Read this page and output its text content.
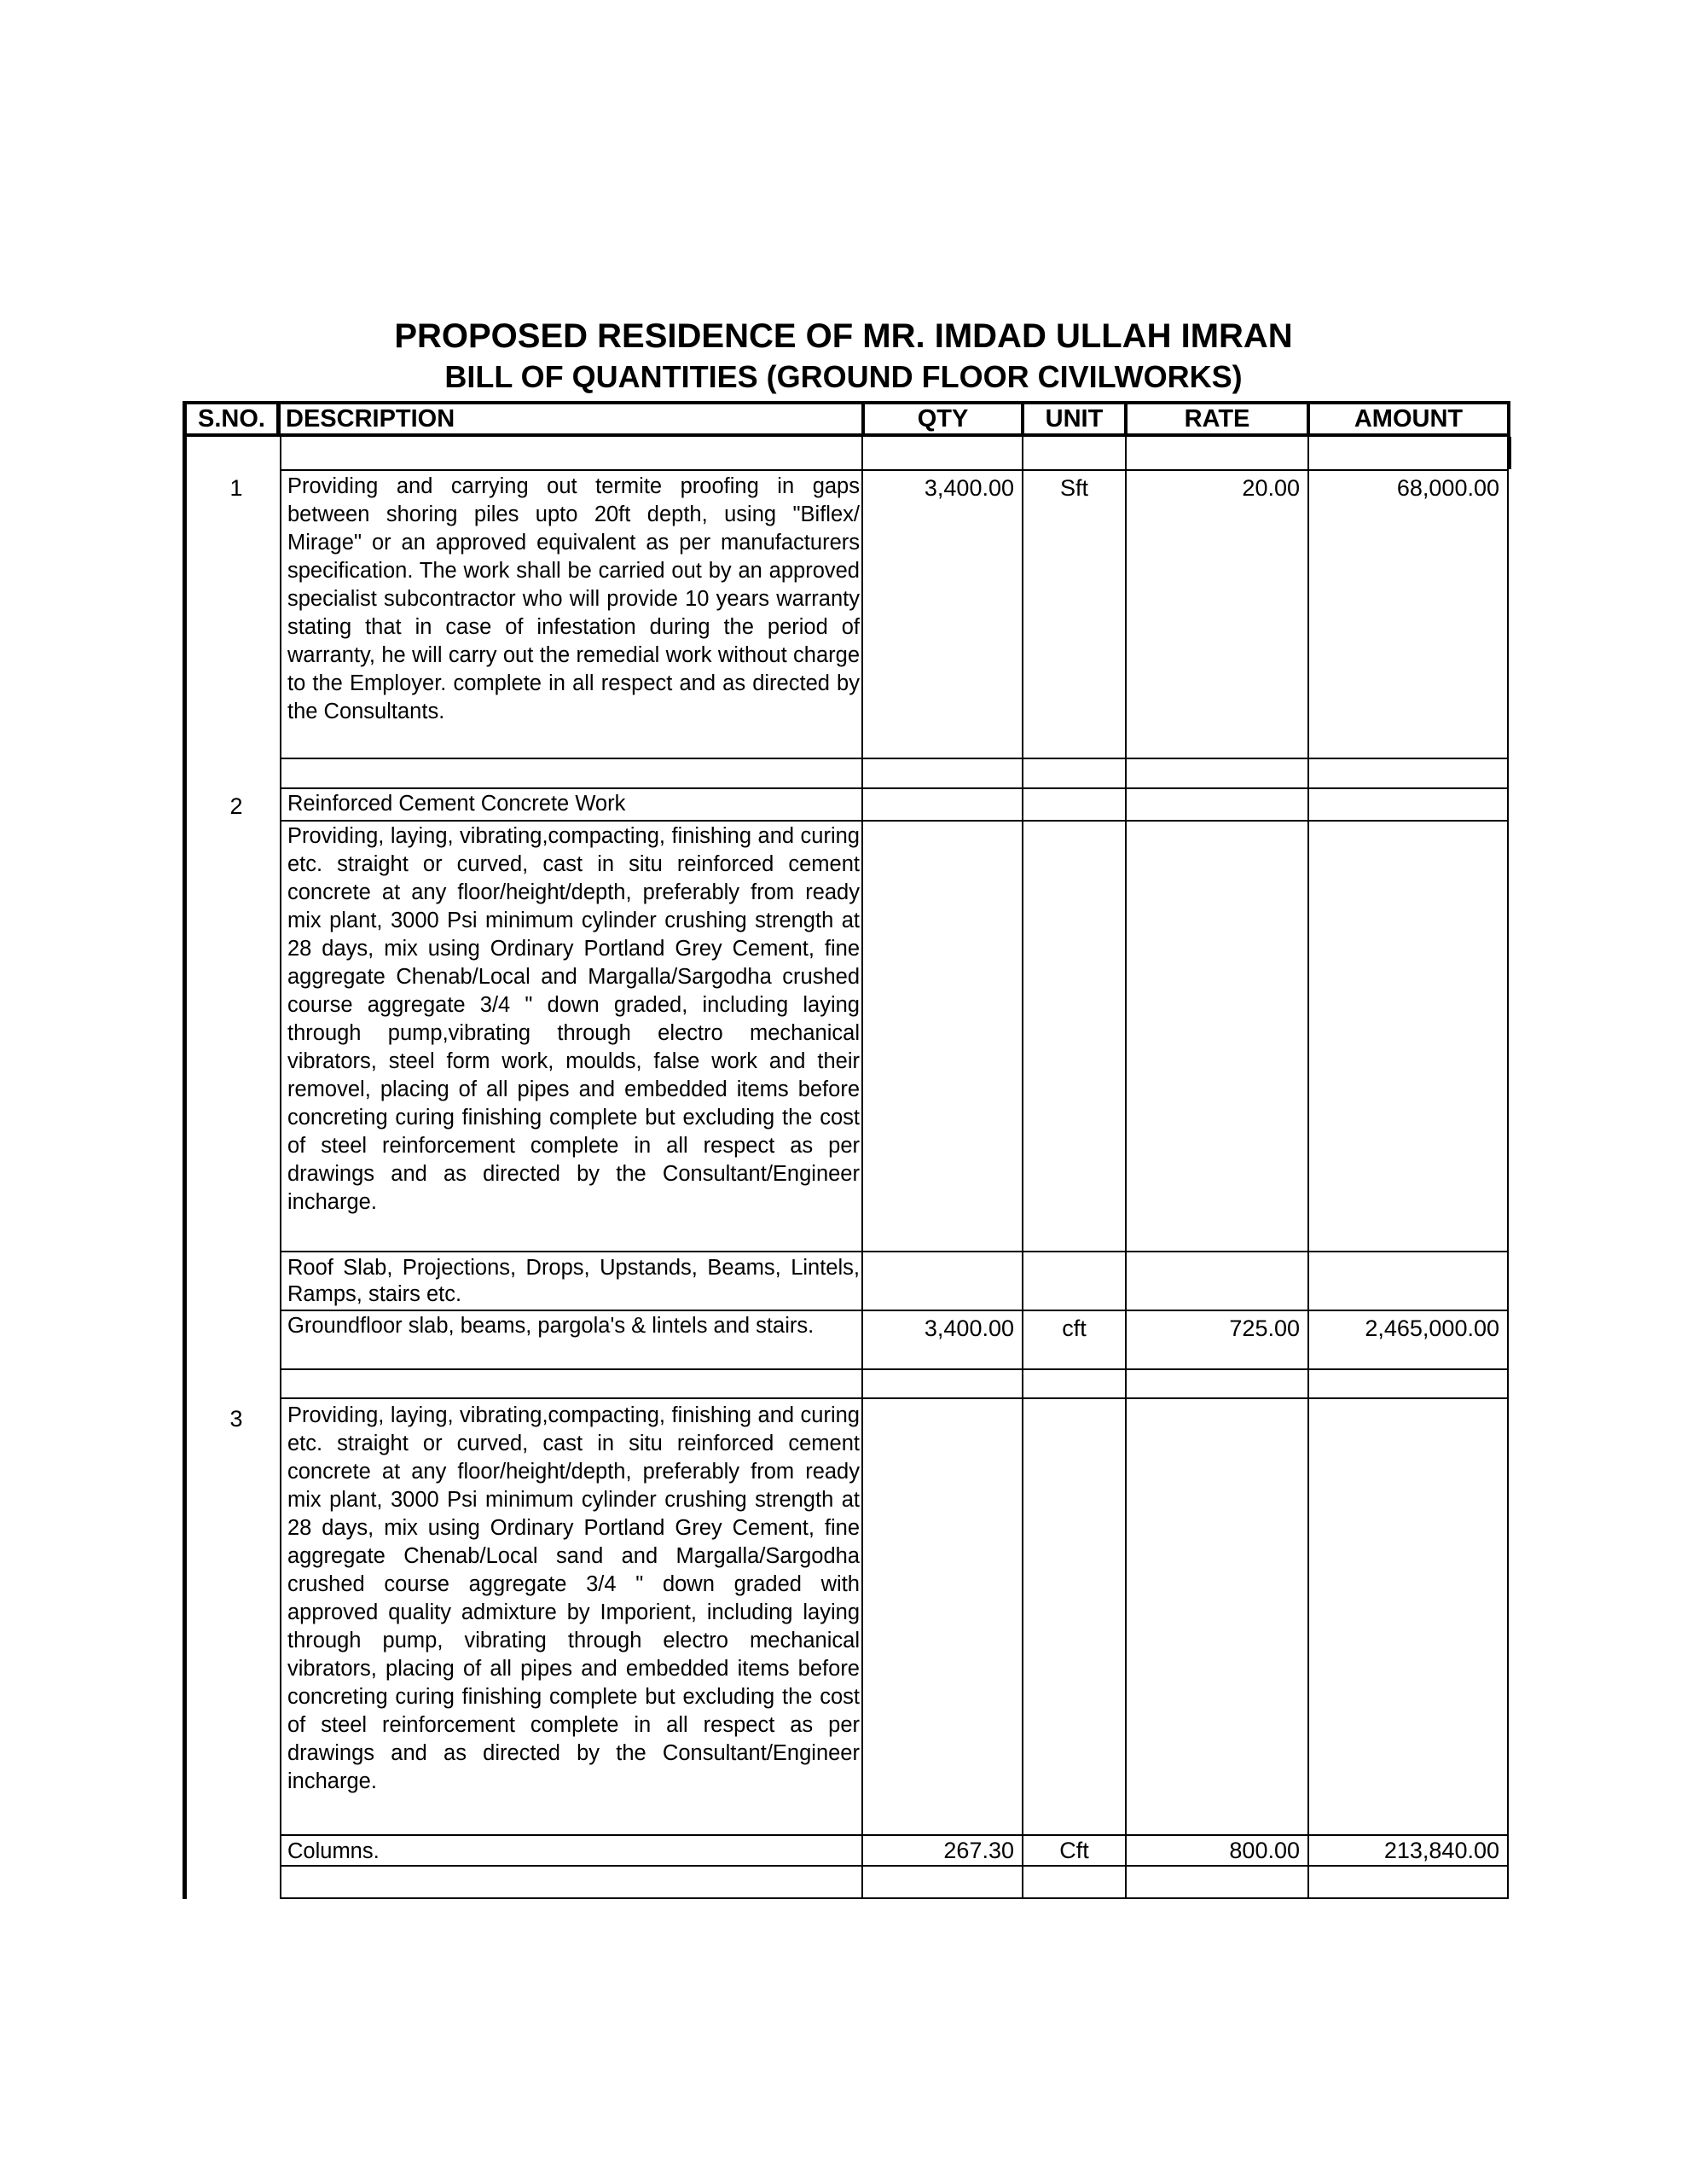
PROPOSED RESIDENCE OF MR. IMDAD ULLAH IMRAN
BILL OF QUANTITIES (GROUND FLOOR CIVILWORKS)
S.NO. DESCRIPTION	QTY	UNIT	RATE	AMOUNT
1	Providing and carrying out termite proofing in gaps between shoring piles upto 20ft depth, using "Biflex/ Mirage" or an approved equivalent as per manufacturers specification. The work shall be carried out by an approved specialist subcontractor who will provide 10 years warranty stating that in case of infestation during the period of warranty, he will carry out the remedial work without charge to the Employer. complete in all respect and as directed by the Consultants.
3,400.00	Sft	20.00	68,000.00
2	Reinforced Cement Concrete Work
Providing, laying, vibrating,compacting, finishing and curing etc. straight or curved, cast in situ reinforced cement concrete at any floor/height/depth, preferably from ready mix plant, 3000 Psi minimum cylinder crushing strength at 28 days, mix using Ordinary Portland Grey Cement, fine aggregate Chenab/Local and Margalla/Sargodha crushed course aggregate 3/4 " down graded, including laying through pump,vibrating through electro mechanical vibrators, steel form work, moulds, false work and their removel, placing of all pipes and embedded items before concreting curing finishing complete but excluding the cost of steel reinforcement complete in all respect as per drawings and as directed by the Consultant/Engineer incharge.
Roof Slab, Projections, Drops, Upstands, Beams, Lintels, Ramps, stairs etc.
Groundfloor slab, beams, pargola's & lintels and stairs.	3,400.00	cft	725.00	2,465,000.00
3	Providing, laying, vibrating,compacting, finishing and curing etc. straight or curved, cast in situ reinforced cement concrete at any floor/height/depth, preferably from ready mix plant, 3000 Psi minimum cylinder crushing strength at 28 days, mix using Ordinary Portland Grey Cement, fine aggregate Chenab/Local sand and Margalla/Sargodha crushed course aggregate 3/4 " down graded with approved quality admixture by Imporient, including laying through pump, vibrating through electro mechanical vibrators, placing of all pipes and embedded items before concreting curing finishing complete but excluding the cost of steel reinforcement complete in all respect as per drawings and as directed by the Consultant/Engineer incharge.
Columns.	267.30	Cft	800.00	213,840.00
